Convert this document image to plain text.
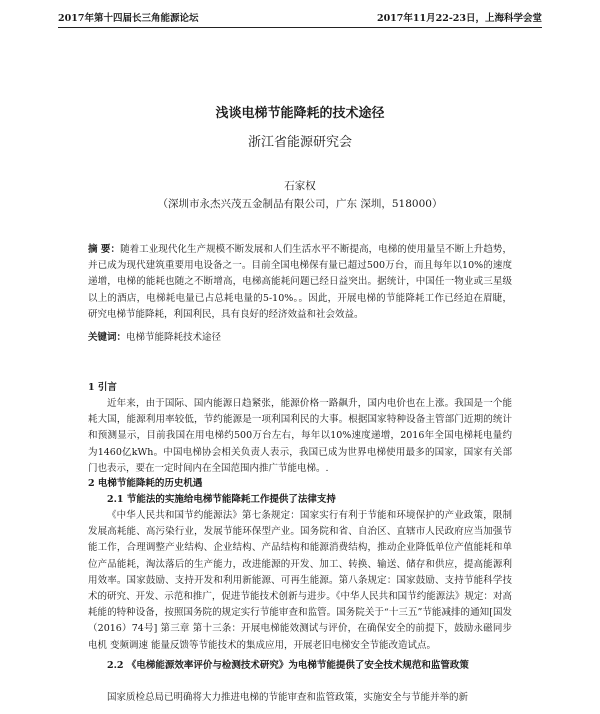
2017年第十四届长三角能源论坛	2017年11月22-23日，上海科学会堂
浅谈电梯节能降耗的技术途径
浙江省能源研究会
石家权
（深圳市永杰兴茂五金制品有限公司，广东 深圳，518000）

摘 要：随着工业现代化生产规模不断发展和人们生活水平不断提高，电梯的使用量呈不断上升趋势，并已成为现代建筑重要用电设备之一。目前全国电梯保有量已超过500万台，而且每年以10%的速度递增，电梯的能耗也随之不断增高，电梯高能耗问题已经日益突出。据统计，中国任一物业或三星级以上的酒店，电梯耗电量已占总耗电量的5-10%。。因此，开展电梯的节能降耗工作已经迫在眉睫，研究电梯节能降耗，利国利民，具有良好的经济效益和社会效益。

关键词：电梯节能降耗技术途径

1 引言

近年来，由于国际、国内能源日趋紧张，能源价格一路飙升，国内电价也在上涨。我国是一个能耗大国，能源利用率较低，节约能源是一项利国利民的大事。根据国家特种设备主管部门近期的统计和预测显示，目前我国在用电梯约500万台左右，每年以10%速度递增，2016年全国电梯耗电量约为1460亿kWh。中国电梯协会相关负责人表示，我国已成为世界电梯使用最多的国家，国家有关部门也表示，要在一定时间内在全国范围内推广节能电梯。.

2 电梯节能降耗的历史机遇

2.1 节能法的实施给电梯节能降耗工作提供了法律支持

《中华人民共和国节约能源法》第七条规定：国家实行有利于节能和环境保护的产业政策，限制发展高耗能、高污染行业，发展节能环保型产业。国务院和省、自治区、直辖市人民政府应当加强节能工作，合理调整产业结构、企业结构、产品结构和能源消费结构，推动企业降低单位产值能耗和单位产品能耗，淘汰落后的生产能力，改进能源的开发、加工、转换、输送、储存和供应，提高能源利用效率。国家鼓励、支持开发和利用新能源、可再生能源。第八条规定：国家鼓励、支持节能科学技术的研究、开发、示范和推广，促进节能技术创新与进步。《中华人民共和国节约能源法》规定：对高耗能的特种设备，按照国务院的规定实行节能审查和监管。国务院关于“十三五”节能减排的通知[国发（2016）74号] 第三章 第十三条：开展电梯能效测试与评价，在确保安全的前提下，鼓励永磁同步电机 变频调速 能量反馈等节能技术的集成应用，开展老旧电梯安全节能改造试点。

2.2 《电梯能源效率评价与检测技术研究》为电梯节能提供了安全技术规范和监管政策

国家质检总局已明确将大力推进电梯的节能审查和监管政策，实施安全与节能并举的新
